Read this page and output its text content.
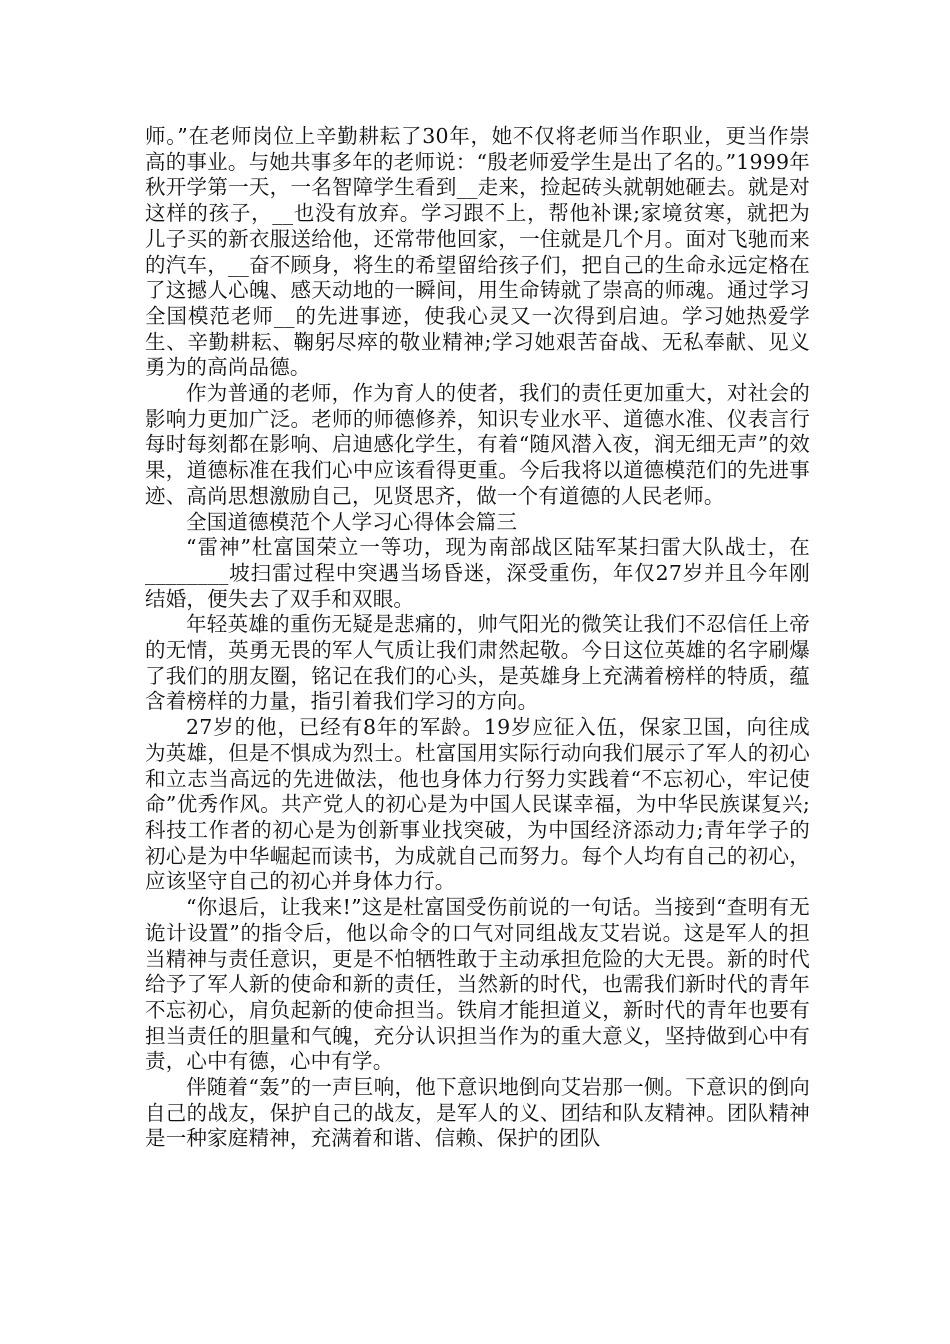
师。”在老师岗位上辛勤耕耘了30年，她不仅将老师当作职业，更当作崇高的事业。与她共事多年的老师说：“殷老师爱学生是出了名的。”1999年秋开学第一天，一名智障学生看到__走来，捡起砖头就朝她砸去。就是对这样的孩子，__也没有放弃。学习跟不上，帮他补课;家境贫寒，就把为儿子买的新衣服送给他，还常带他回家，一住就是几个月。面对飞驰而来的汽车，__奋不顾身，将生的希望留给孩子们，把自己的生命永远定格在了这撼人心魄、感天动地的一瞬间，用生命铸就了崇高的师魂。通过学习全国模范老师__的先进事迹，使我心灵又一次得到启迪。学习她热爱学生、辛勤耕耘、鞠躬尽瘁的敬业精神;学习她艰苦奋战、无私奉献、见义勇为的高尚品德。

作为普通的老师，作为育人的使者，我们的责任更加重大，对社会的影响力更加广泛。老师的师德修养，知识专业水平、道德水准、仪表言行每时每刻都在影响、启迪感化学生，有着“随风潜入夜，润无细无声”的效果，道德标准在我们心中应该看得更重。今后我将以道德模范们的先进事迹、高尚思想激励自己，见贤思齐，做一个有道德的人民老师。

全国道德模范个人学习心得体会篇三

“雷神”杜富国荣立一等功，现为南部战区陆军某扫雷大队战士，在________坡扫雷过程中突遇当场昏迷，深受重伤，年仅27岁并且今年刚结婚，便失去了双手和双眼。

年轻英雄的重伤无疑是悲痛的，帅气阳光的微笑让我们不忍信任上帝的无情，英勇无畏的军人气质让我们肃然起敬。今日这位英雄的名字刷爆了我们的朋友圈，铭记在我们的心头，是英雄身上充满着榜样的特质，蕴含着榜样的力量，指引着我们学习的方向。

27岁的他，已经有8年的军龄。19岁应征入伍，保家卫国，向往成为英雄，但是不惧成为烈士。杜富国用实际行动向我们展示了军人的初心和立志当高远的先进做法，他也身体力行努力实践着“不忘初心，牢记使命”优秀作风。共产党人的初心是为中国人民谋幸福，为中华民族谋复兴;科技工作者的初心是为创新事业找突破，为中国经济添动力;青年学子的初心是为中华崛起而读书，为成就自己而努力。每个人均有自己的初心，应该坚守自己的初心并身体力行。

“你退后，让我来!”这是杜富国受伤前说的一句话。当接到“查明有无诡计设置”的指令后，他以命令的口气对同组战友艾岩说。这是军人的担当精神与责任意识，更是不怕牺牲敢于主动承担危险的大无畏。新的时代给予了军人新的使命和新的责任，当然新的时代，也需我们新时代的青年不忘初心，肩负起新的使命担当。铁肩才能担道义，新时代的青年也要有担当责任的胆量和气魄，充分认识担当作为的重大意义，坚持做到心中有责，心中有德，心中有学。

伴随着“轰”的一声巨响，他下意识地倒向艾岩那一侧。下意识的倒向自己的战友，保护自己的战友，是军人的义、团结和队友精神。团队精神是一种家庭精神，充满着和谐、信赖、保护的团队
